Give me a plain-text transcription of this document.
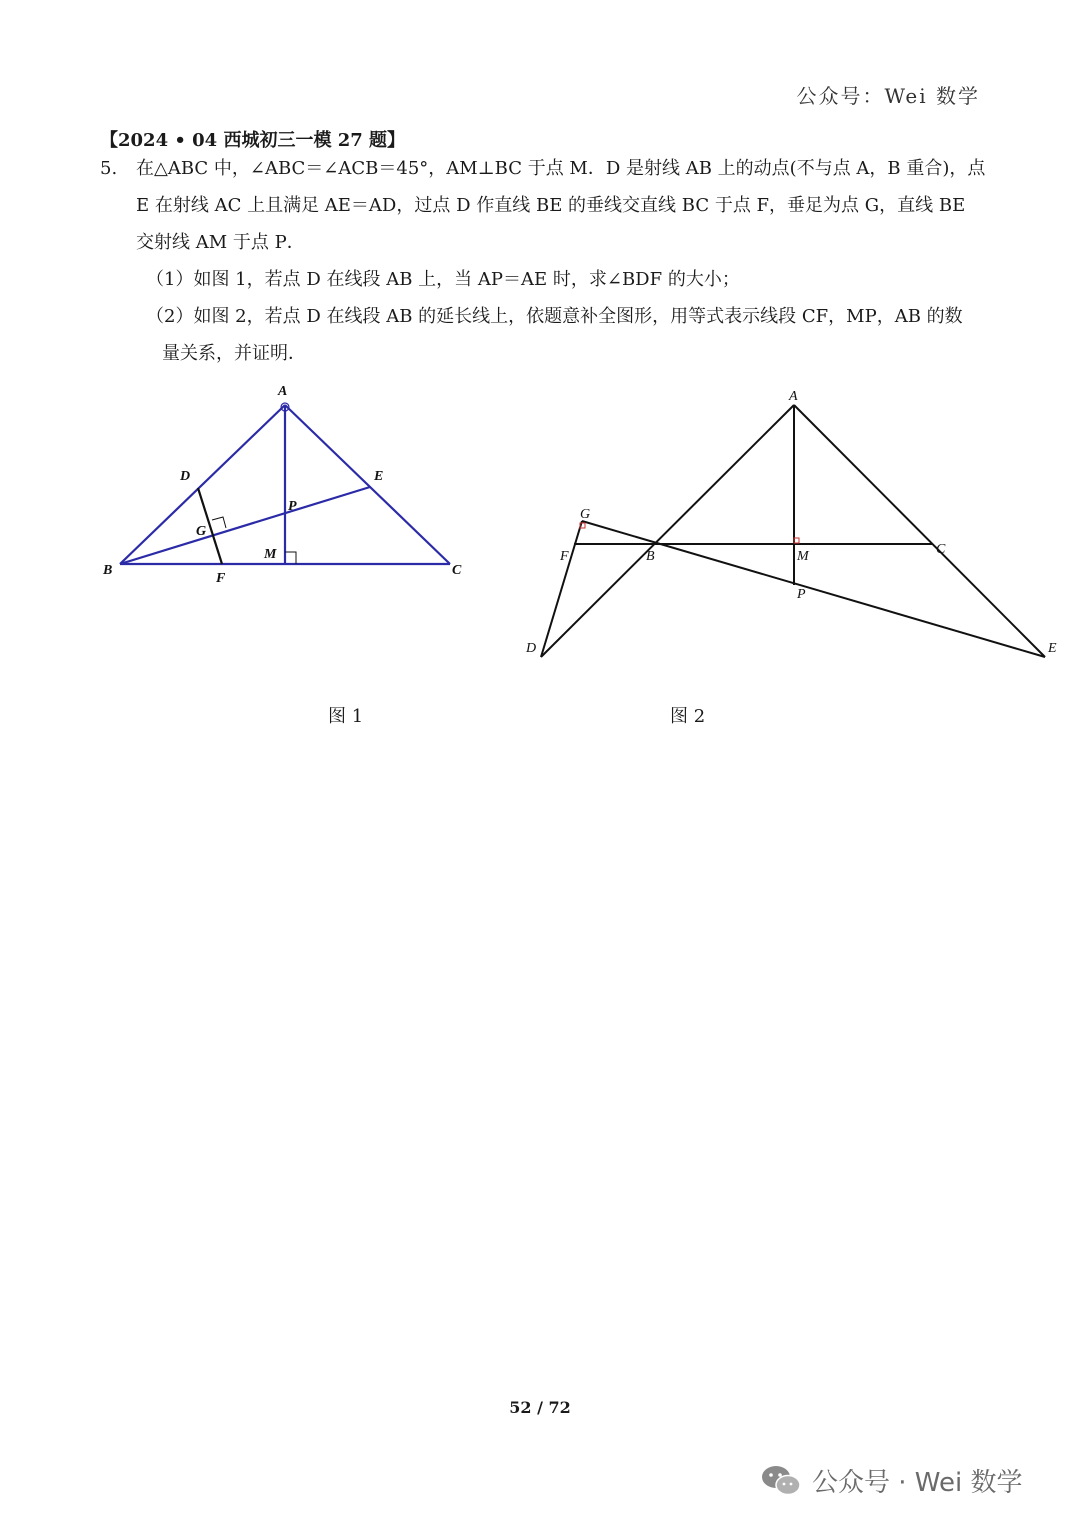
公众号：Wei 数学
【2024 • 04 西城初三一模 27 题】
5. 在△ABC 中，∠ABC＝∠ACB＝45°，AM⊥BC 于点 M．D 是射线 AB 上的动点(不与点 A，B 重合)，点
E 在射线 AC 上且满足 AE＝AD，过点 D 作直线 BE 的垂线交直线 BC 于点 F，垂足为点 G，直线 BE
交射线 AM 于点 P．
（1）如图 1，若点 D 在线段 AB 上，当 AP＝AE 时，求∠BDF 的大小；
（2）如图 2，若点 D 在线段 AB 的延长线上，依题意补全图形，用等式表示线段 CF，MP，AB 的数
量关系，并证明．
A
B	C
D	E
F
G
M
P
A
B	C
D	E
F
G
M
P
图 1	图 2
52 / 72
公众号 · Wei 数学
